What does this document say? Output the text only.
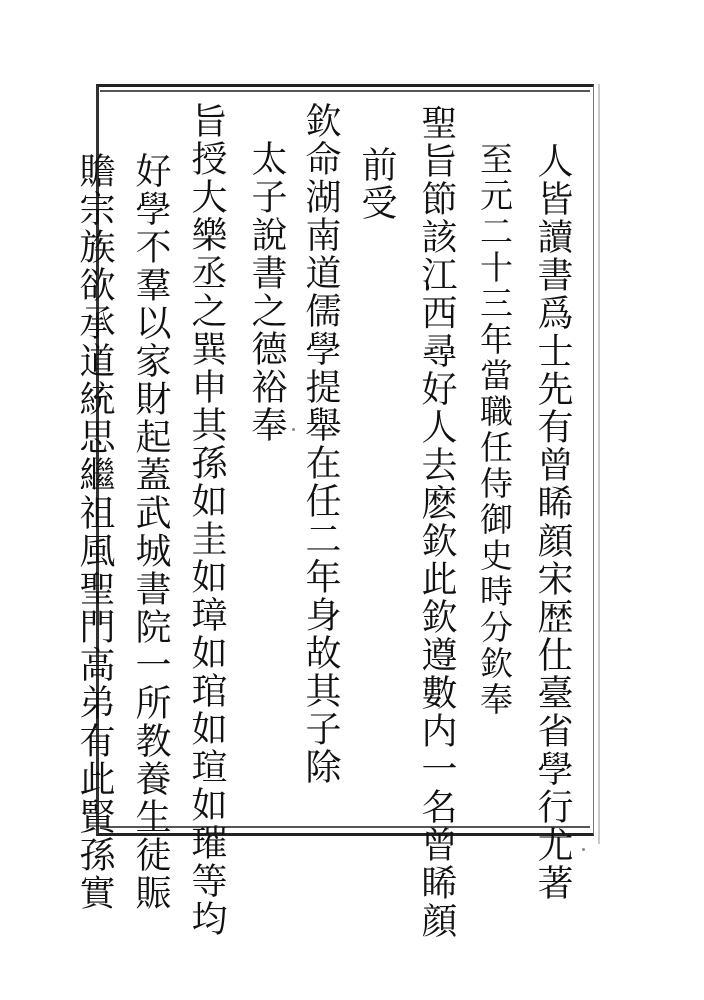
人皆讀書爲士先有曾睎顔宋歴仕臺省學行尤著
至元二十三年當職任侍御史時分欽奉
聖旨節該江西尋好人去麽欽此欽遵數内一名曾睎顔
前受
欽命湖南道儒學提舉在任二年身故其子除
太子說書之德裕奉
旨授大樂丞之巽申其孫如圭如璋如琯如瑄如璀等均
好學不羣以家財起蓋武城書院一所教養生徒賑
贍宗族欲承道統思繼祖風聖門高弟有此賢孫實
